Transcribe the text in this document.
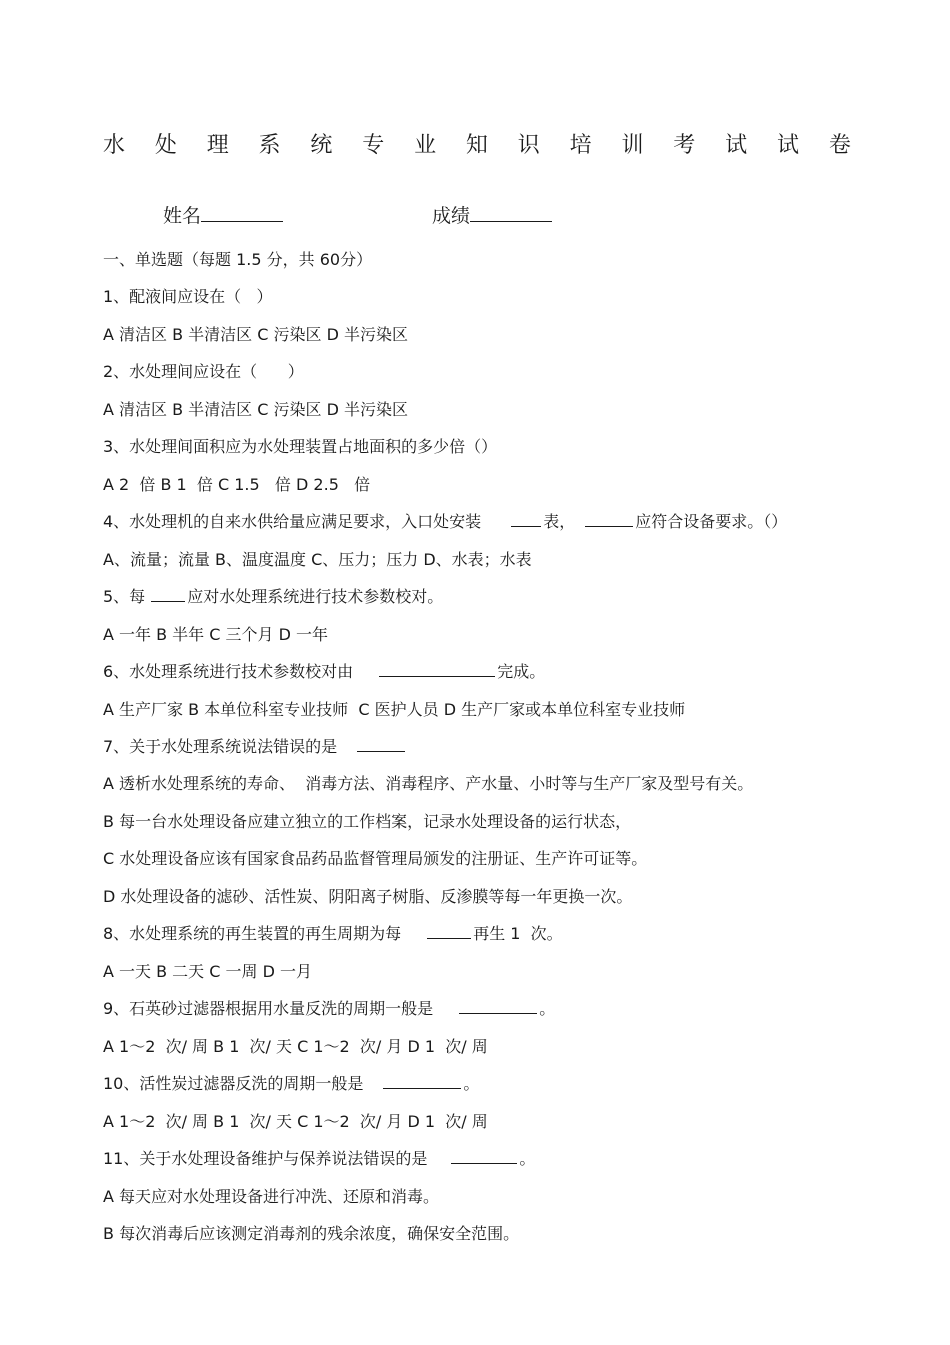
水 处 理 系 统 专 业 知 识 培 训 考 试 试 卷
姓名	成绩
一、单选题（每题 1.5 分，共 60分）
1、配液间应设在（   ）
A 清洁区 B 半清洁区 C 污染区 D 半污染区
2、水处理间应设在（      ）
A 清洁区 B 半清洁区 C 污染区 D 半污染区
3、水处理间面积应为水处理装置占地面积的多少倍（）
A 2  倍 B 1  倍 C 1.5   倍 D 2.5   倍
4、水处理机的自来水供给量应满足要求，入口处安装	表，	应符合设备要求。（）
A、流量；流量 B、温度温度 C、压力；压力 D、水表；水表
5、每	应对水处理系统进行技术参数校对。
A 一年 B 半年 C 三个月 D 一年
6、水处理系统进行技术参数校对由	完成。
A 生产厂家 B 本单位科室专业技师  C 医护人员 D 生产厂家或本单位科室专业技师
7、关于水处理系统说法错误的是
A 透析水处理系统的寿命、  消毒方法、消毒程序、产水量、小时等与生产厂家及型号有关。
B 每一台水处理设备应建立独立的工作档案，记录水处理设备的运行状态，
C 水处理设备应该有国家食品药品监督管理局颁发的注册证、生产许可证等。
D 水处理设备的滤砂、活性炭、阴阳离子树脂、反渗膜等每一年更换一次。
8、水处理系统的再生装置的再生周期为每	再生 1  次。
A 一天 B 二天 C 一周 D 一月
9、石英砂过滤器根据用水量反洗的周期一般是	。
A 1～2  次/ 周 B 1  次/ 天 C 1～2  次/ 月 D 1  次/ 周
10、活性炭过滤器反洗的周期一般是	。
A 1～2  次/ 周 B 1  次/ 天 C 1～2  次/ 月 D 1  次/ 周
11、关于水处理设备维护与保养说法错误的是	。
A 每天应对水处理设备进行冲洗、还原和消毒。
B 每次消毒后应该测定消毒剂的残余浓度，确保安全范围。
